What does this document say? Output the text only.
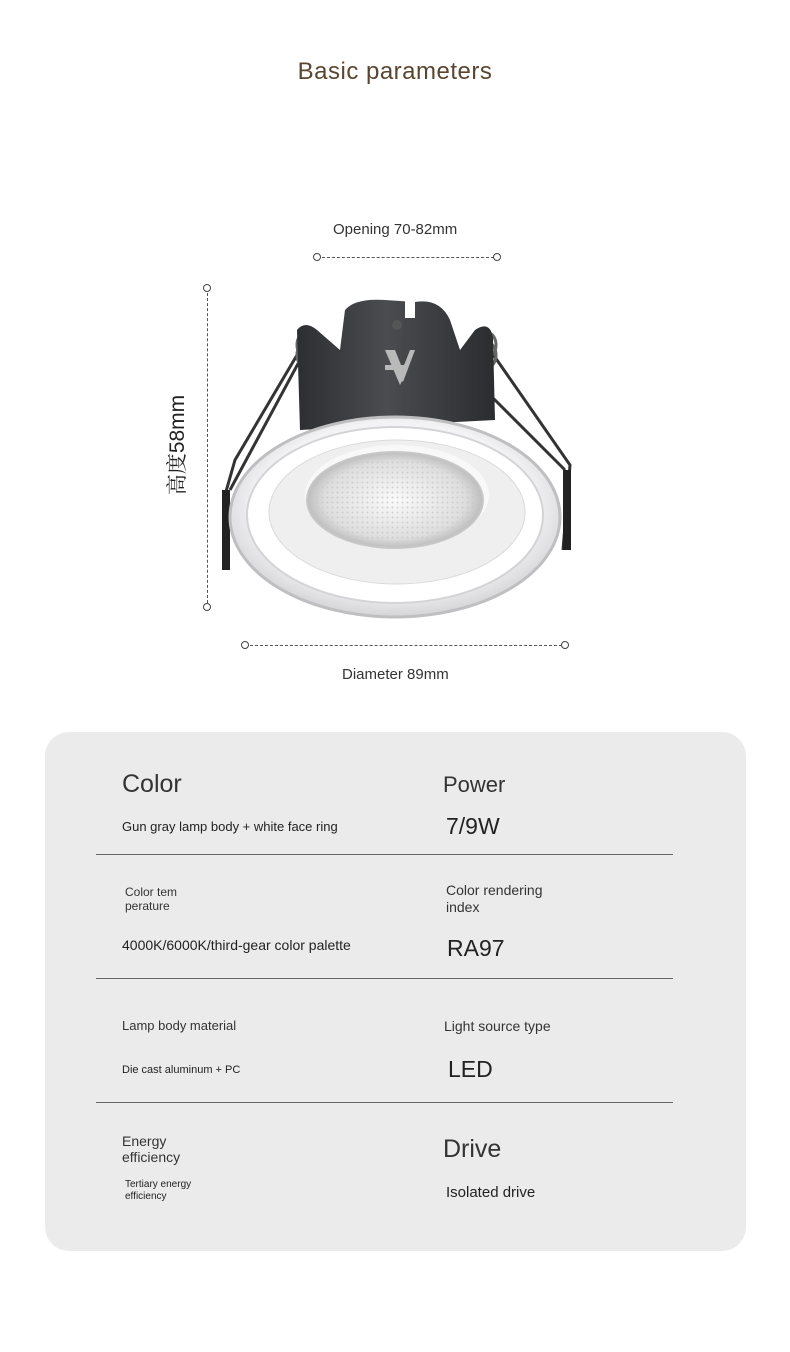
Basic parameters
Opening 70-82mm
高度58mm
Diameter 89mm
Color
Gun gray lamp body + white face ring
Power
7/9W
Color tem
perature
4000K/6000K/third-gear color palette
Color rendering
index
RA97
Lamp body material
Die cast aluminum + PC
Light source type
LED
Energy
efficiency
Tertiary energy
efficiency
Drive
Isolated drive
